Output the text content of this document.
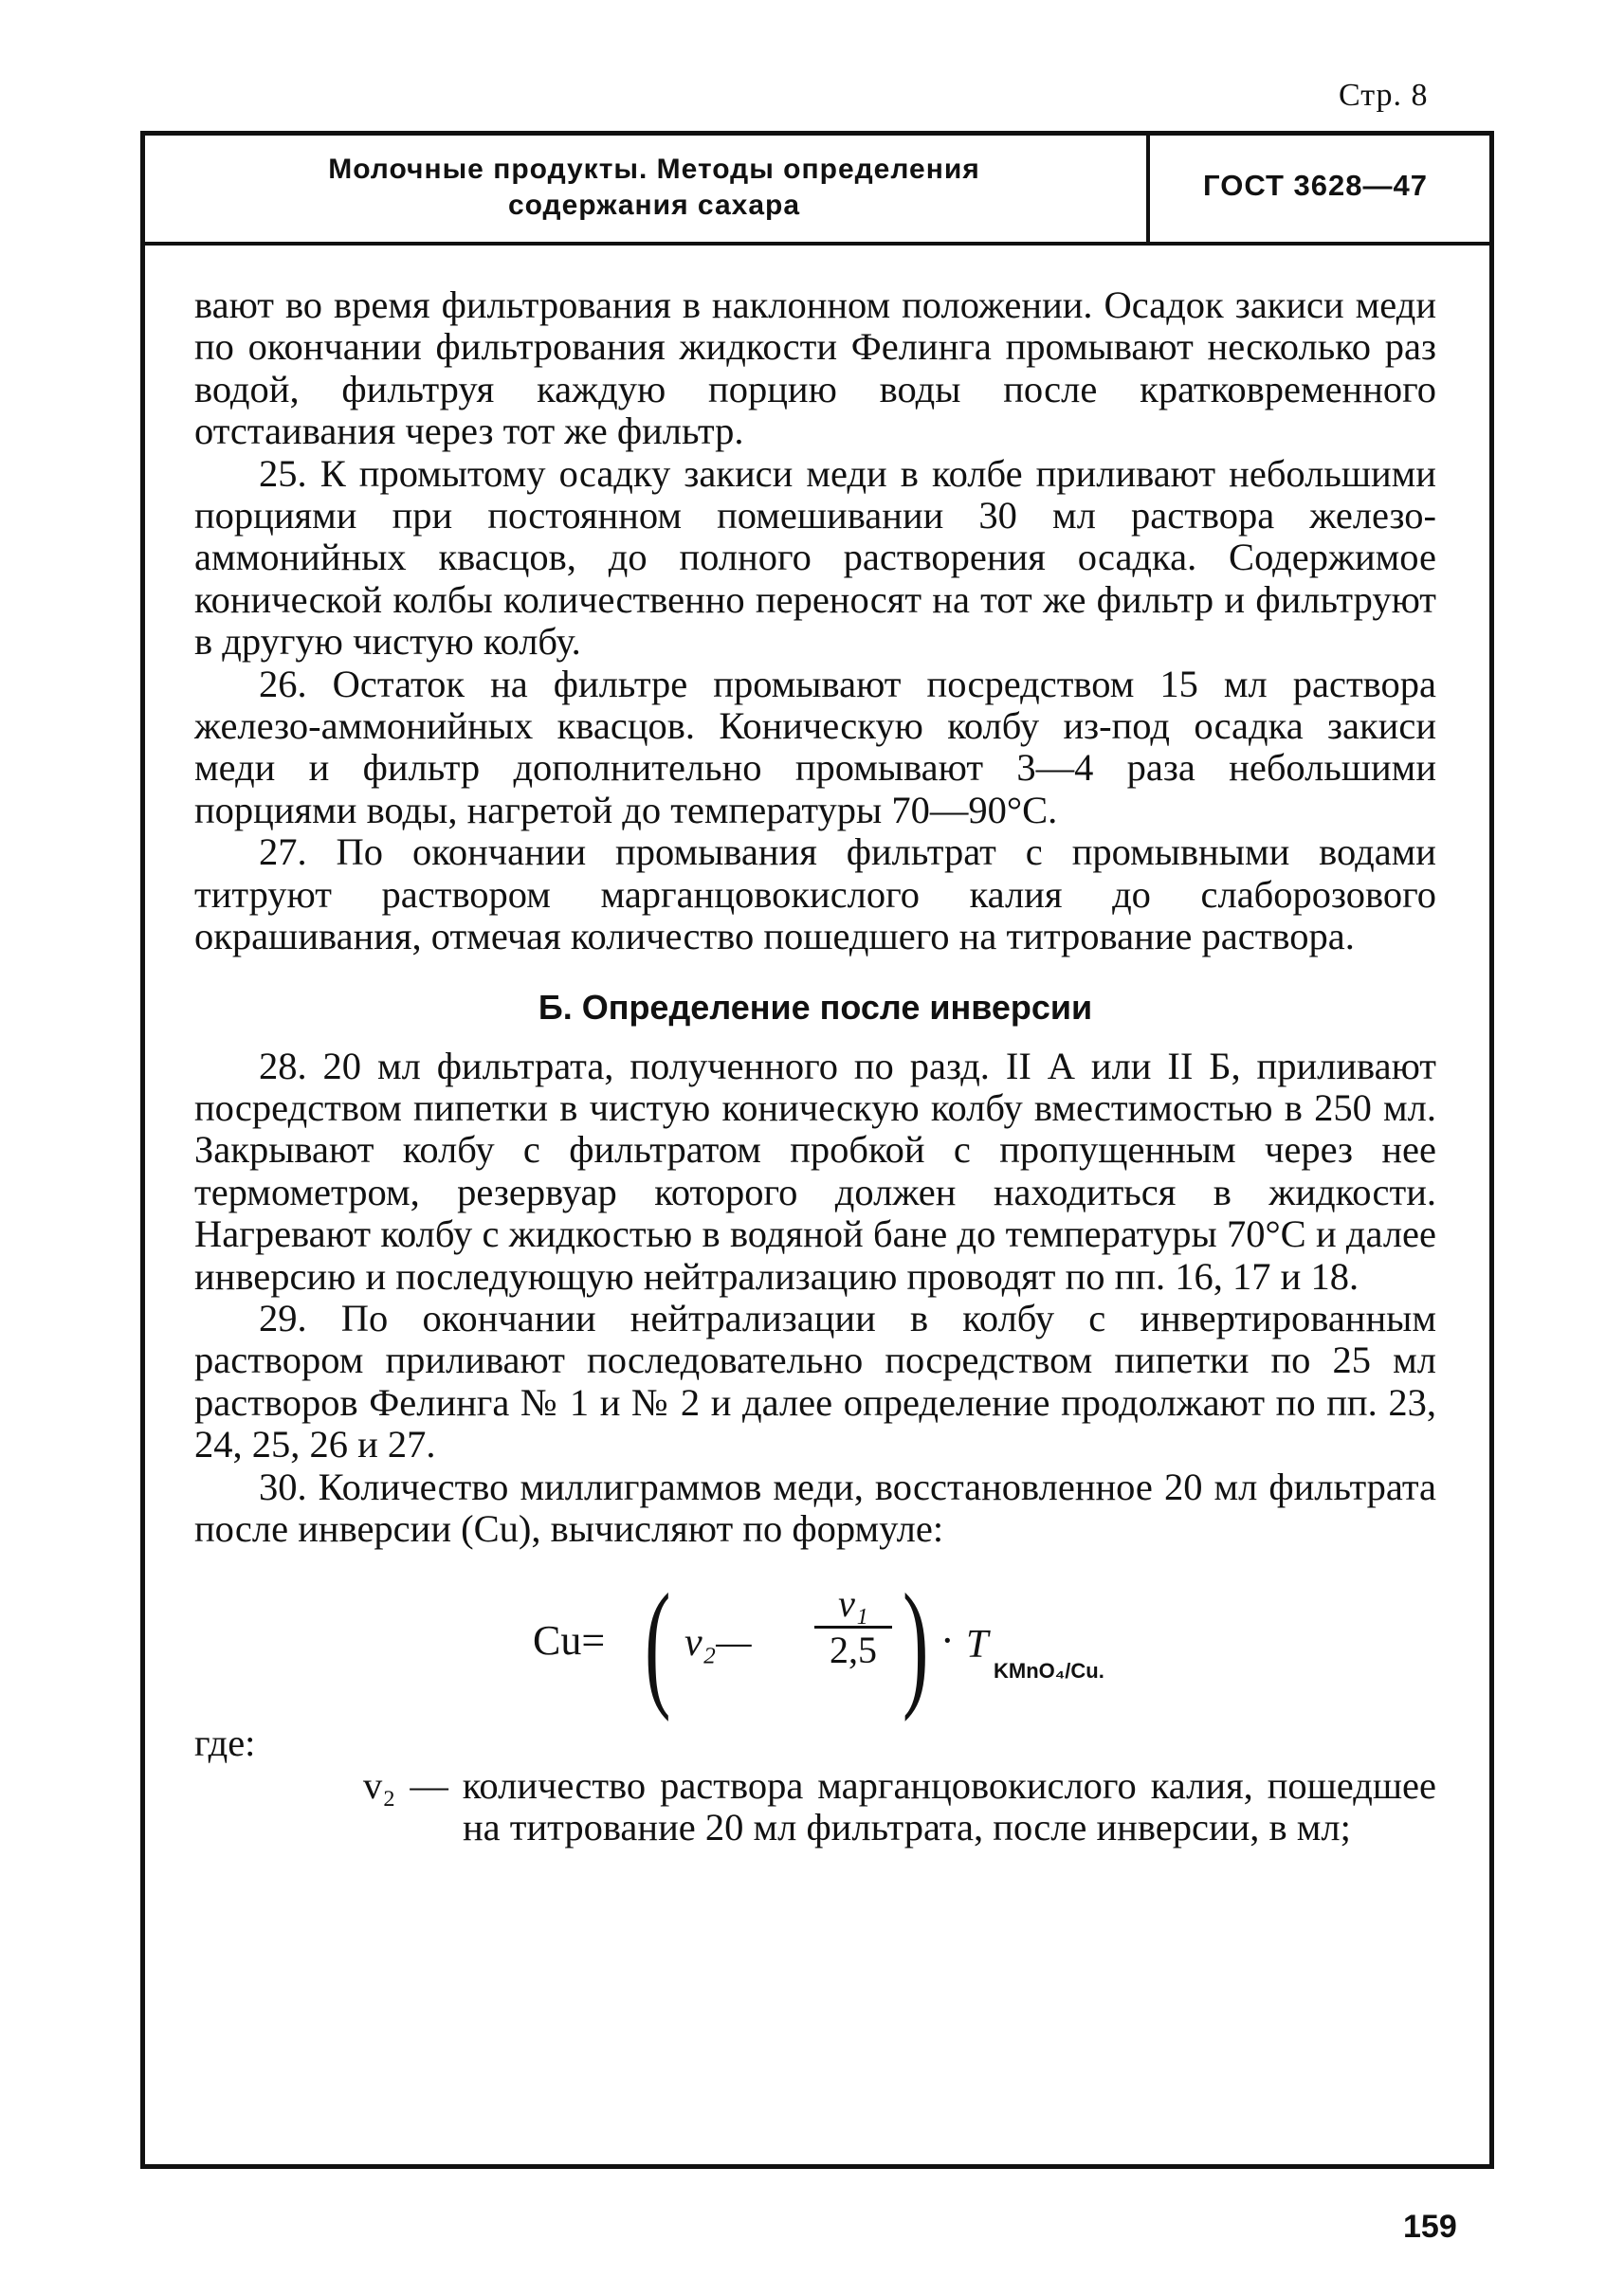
Стр. 8
Молочные продукты. Методы определения
содержания сахара
ГОСТ 3628—47

вают во время фильтрования в наклонном положении. Осадок закиси меди по окончании фильтрования жидкости Фелинга промывают несколько раз водой, фильтруя каждую порцию воды после кратковременного отстаивания через тот же фильтр.

25. К промытому осадку закиси меди в колбе приливают небольшими порциями при постоянном помешивании 30 мл раствора железо-аммонийных квасцов, до полного растворения осадка. Содержимое конической колбы количественно переносят на тот же фильтр и фильтруют в другую чистую колбу.

26. Остаток на фильтре промывают посредством 15 мл раствора железо-аммонийных квасцов. Коническую колбу из-под осадка закиси меди и фильтр дополнительно промывают 3—4 раза небольшими порциями воды, нагретой до температуры 70—90°С.

27. По окончании промывания фильтрат с промывными водами титруют раствором марганцовокислого калия до слаборозового окрашивания, отмечая количество пошедшего на титрование раствора.

Б. Определение после инверсии

28. 20 мл фильтрата, полученного по разд. II А или II Б, приливают посредством пипетки в чистую коническую колбу вместимостью в 250 мл. Закрывают колбу с фильтратом пробкой с пропущенным через нее термометром, резервуар которого должен находиться в жидкости. Нагревают колбу с жидкостью в водяной бане до температуры 70°С и далее инверсию и последующую нейтрализацию проводят по пп. 16, 17 и 18.

29. По окончании нейтрализации в колбу с инвертированным раствором приливают последовательно посредством пипетки по 25 мл растворов Фелинга № 1 и № 2 и далее определение продолжают по пп. 23, 24, 25, 26 и 27.

30. Количество миллиграммов меди, восстановленное 20 мл фильтрата после инверсии (Cu), вычисляют по формуле:

Cu= ( v₂—
v₁
2,5 ) · T
KMnO₄/Cu.

где:

v₂ — количество раствора марганцовокислого калия, пошедшее на титрование 20 мл фильтрата, после инверсии, в мл;

159
